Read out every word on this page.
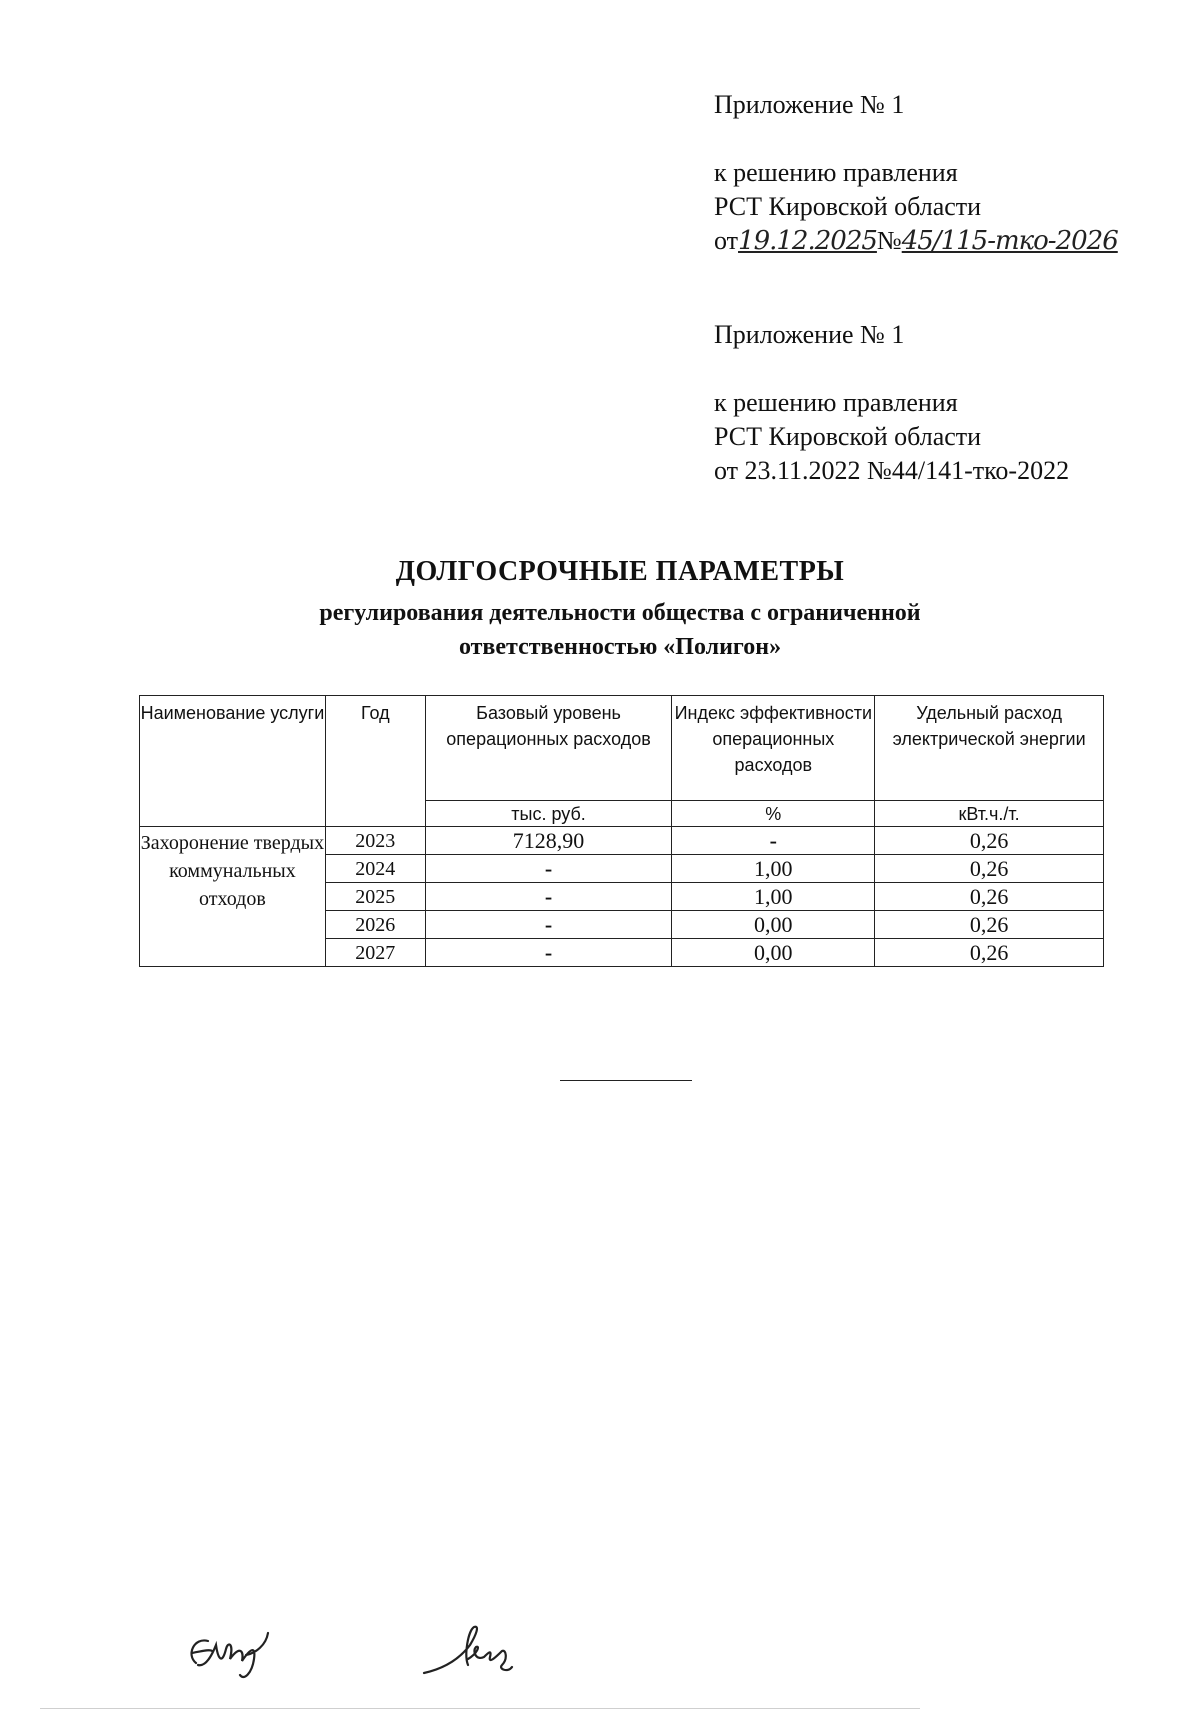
Приложение № 1
к решению правления
РСТ Кировской области
от19.12.2025№45/115-тко-2026
Приложение № 1
к решению правления
РСТ Кировской области
от 23.11.2022 №44/141-тко-2022
ДОЛГОСРОЧНЫЕ ПАРАМЕТРЫ
регулирования деятельности общества с ограниченной
ответственностью «Полигон»
Наименование услуги	Год	Базовый уровень операционных расходов	Индекс эффективности операционных расходов	Удельный расход электрической энергии
		тыс. руб.	%	кВт.ч./т.
Захоронение твердых коммунальных отходов	2023	7128,90	-	0,26
	2024	-	1,00	0,26
	2025	-	1,00	0,26
	2026	-	0,00	0,26
	2027	-	0,00	0,26
